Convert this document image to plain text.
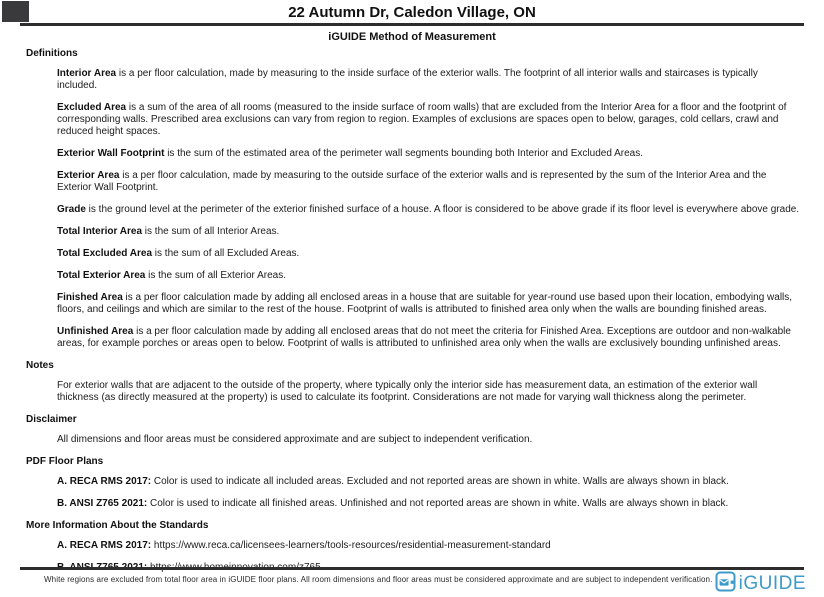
22 Autumn Dr, Caledon Village, ON
iGUIDE Method of Measurement
Definitions

Interior Area is a per floor calculation, made by measuring to the inside surface of the exterior walls. The footprint of all interior walls and staircases is typically included.

Excluded Area is a sum of the area of all rooms (measured to the inside surface of room walls) that are excluded from the Interior Area for a floor and the footprint of corresponding walls. Prescribed area exclusions can vary from region to region. Examples of exclusions are spaces open to below, garages, cold cellars, crawl and reduced height spaces.

Exterior Wall Footprint is the sum of the estimated area of the perimeter wall segments bounding both Interior and Excluded Areas.

Exterior Area is a per floor calculation, made by measuring to the outside surface of the exterior walls and is represented by the sum of the Interior Area and the Exterior Wall Footprint.

Grade is the ground level at the perimeter of the exterior finished surface of a house. A floor is considered to be above grade if its floor level is everywhere above grade.

Total Interior Area is the sum of all Interior Areas.

Total Excluded Area is the sum of all Excluded Areas.

Total Exterior Area is the sum of all Exterior Areas.

Finished Area is a per floor calculation made by adding all enclosed areas in a house that are suitable for year-round use based upon their location, embodying walls, floors, and ceilings and which are similar to the rest of the house. Footprint of walls is attributed to finished area only when the walls are bounding finished areas.

Unfinished Area is a per floor calculation made by adding all enclosed areas that do not meet the criteria for Finished Area. Exceptions are outdoor and non-walkable areas, for example porches or areas open to below. Footprint of walls is attributed to unfinished area only when the walls are exclusively bounding unfinished areas.

Notes

For exterior walls that are adjacent to the outside of the property, where typically only the interior side has measurement data, an estimation of the exterior wall thickness (as directly measured at the property) is used to calculate its footprint. Considerations are not made for varying wall thickness along the perimeter.

Disclaimer

All dimensions and floor areas must be considered approximate and are subject to independent verification.

PDF Floor Plans

A. RECA RMS 2017: Color is used to indicate all included areas. Excluded and not reported areas are shown in white. Walls are always shown in black.

B. ANSI Z765 2021: Color is used to indicate all finished areas. Unfinished and not reported areas are shown in white. Walls are always shown in black.

More Information About the Standards

A. RECA RMS 2017: https://www.reca.ca/licensees-learners/tools-resources/residential-measurement-standard

White regions are excluded from total floor area in iGUIDE floor plans. All room dimensions and floor areas must be considered approximate and are subject to independent verification. iGUIDE
